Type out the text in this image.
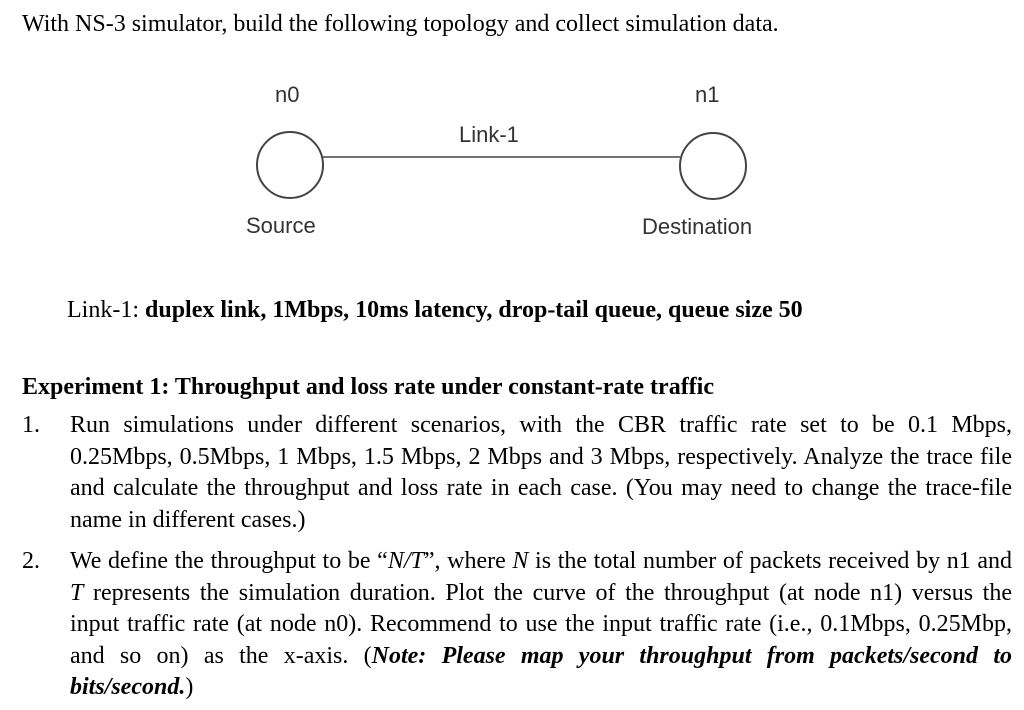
With NS-3 simulator, build the following topology and collect simulation data.
n0	n1
Link-1
Source	Destination
Link-1: duplex link, 1Mbps, 10ms latency, drop-tail queue, queue size 50
Experiment 1: Throughput and loss rate under constant-rate traffic
1. Run simulations under different scenarios, with the CBR traffic rate set to be 0.1 Mbps, 0.25Mbps, 0.5Mbps, 1 Mbps, 1.5 Mbps, 2 Mbps and 3 Mbps, respectively. Analyze the trace file and calculate the throughput and loss rate in each case. (You may need to change the trace-file name in different cases.)
2. We define the throughput to be “N/T”, where N is the total number of packets received by n1 and T represents the simulation duration. Plot the curve of the throughput (at node n1) versus the input traffic rate (at node n0). Recommend to use the input traffic rate (i.e., 0.1Mbps, 0.25Mbp, and so on) as the x-axis. (Note: Please map your throughput from packets/second to bits/second.)
